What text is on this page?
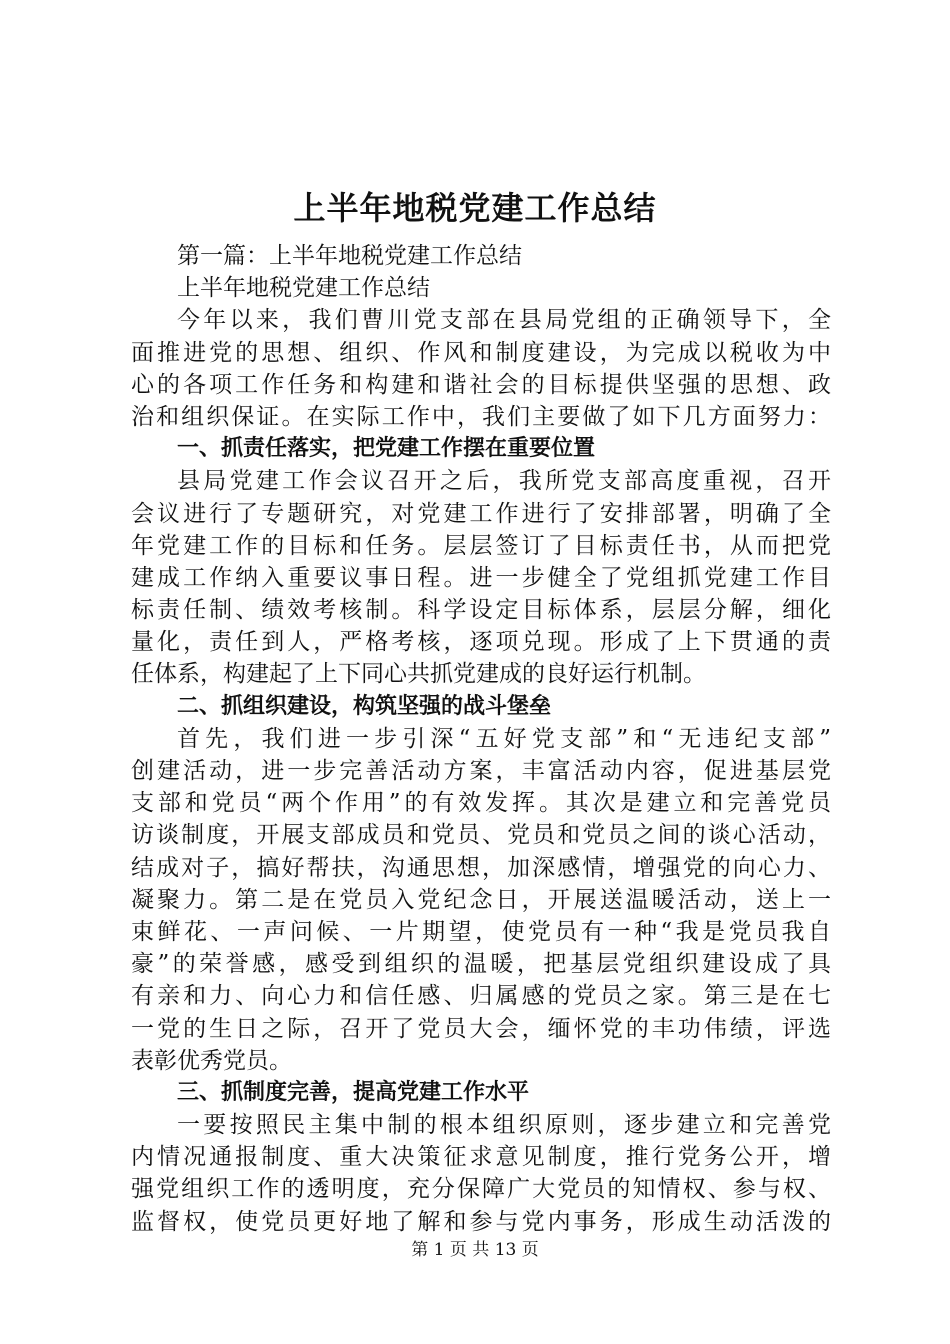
上半年地税党建工作总结
第一篇：上半年地税党建工作总结
上半年地税党建工作总结
今年以来，我们曹川党支部在县局党组的正确领导下，全
面推进党的思想、组织、作风和制度建设，为完成以税收为中
心的各项工作任务和构建和谐社会的目标提供坚强的思想、政
治和组织保证。在实际工作中，我们主要做了如下几方面努力：
一、抓责任落实，把党建工作摆在重要位置
县局党建工作会议召开之后，我所党支部高度重视，召开
会议进行了专题研究，对党建工作进行了安排部署，明确了全
年党建工作的目标和任务。层层签订了目标责任书，从而把党
建成工作纳入重要议事日程。进一步健全了党组抓党建工作目
标责任制、绩效考核制。科学设定目标体系，层层分解，细化
量化，责任到人，严格考核，逐项兑现。形成了上下贯通的责
任体系，构建起了上下同心共抓党建成的良好运行机制。
二、抓组织建设，构筑坚强的战斗堡垒
首先，我们进一步引深“五好党支部”和“无违纪支部”
创建活动，进一步完善活动方案，丰富活动内容，促进基层党
支部和党员“两个作用”的有效发挥。其次是建立和完善党员
访谈制度，开展支部成员和党员、党员和党员之间的谈心活动，
结成对子，搞好帮扶，沟通思想，加深感情，增强党的向心力、
凝聚力。第二是在党员入党纪念日，开展送温暖活动，送上一
束鲜花、一声问候、一片期望，使党员有一种“我是党员我自
豪”的荣誉感，感受到组织的温暖，把基层党组织建设成了具
有亲和力、向心力和信任感、归属感的党员之家。第三是在七
一党的生日之际，召开了党员大会，缅怀党的丰功伟绩，评选
表彰优秀党员。
三、抓制度完善，提高党建工作水平
一要按照民主集中制的根本组织原则，逐步建立和完善党
内情况通报制度、重大决策征求意见制度，推行党务公开，增
强党组织工作的透明度，充分保障广大党员的知情权、参与权、
监督权，使党员更好地了解和参与党内事务，形成生动活泼的
第 1 页 共 13 页
